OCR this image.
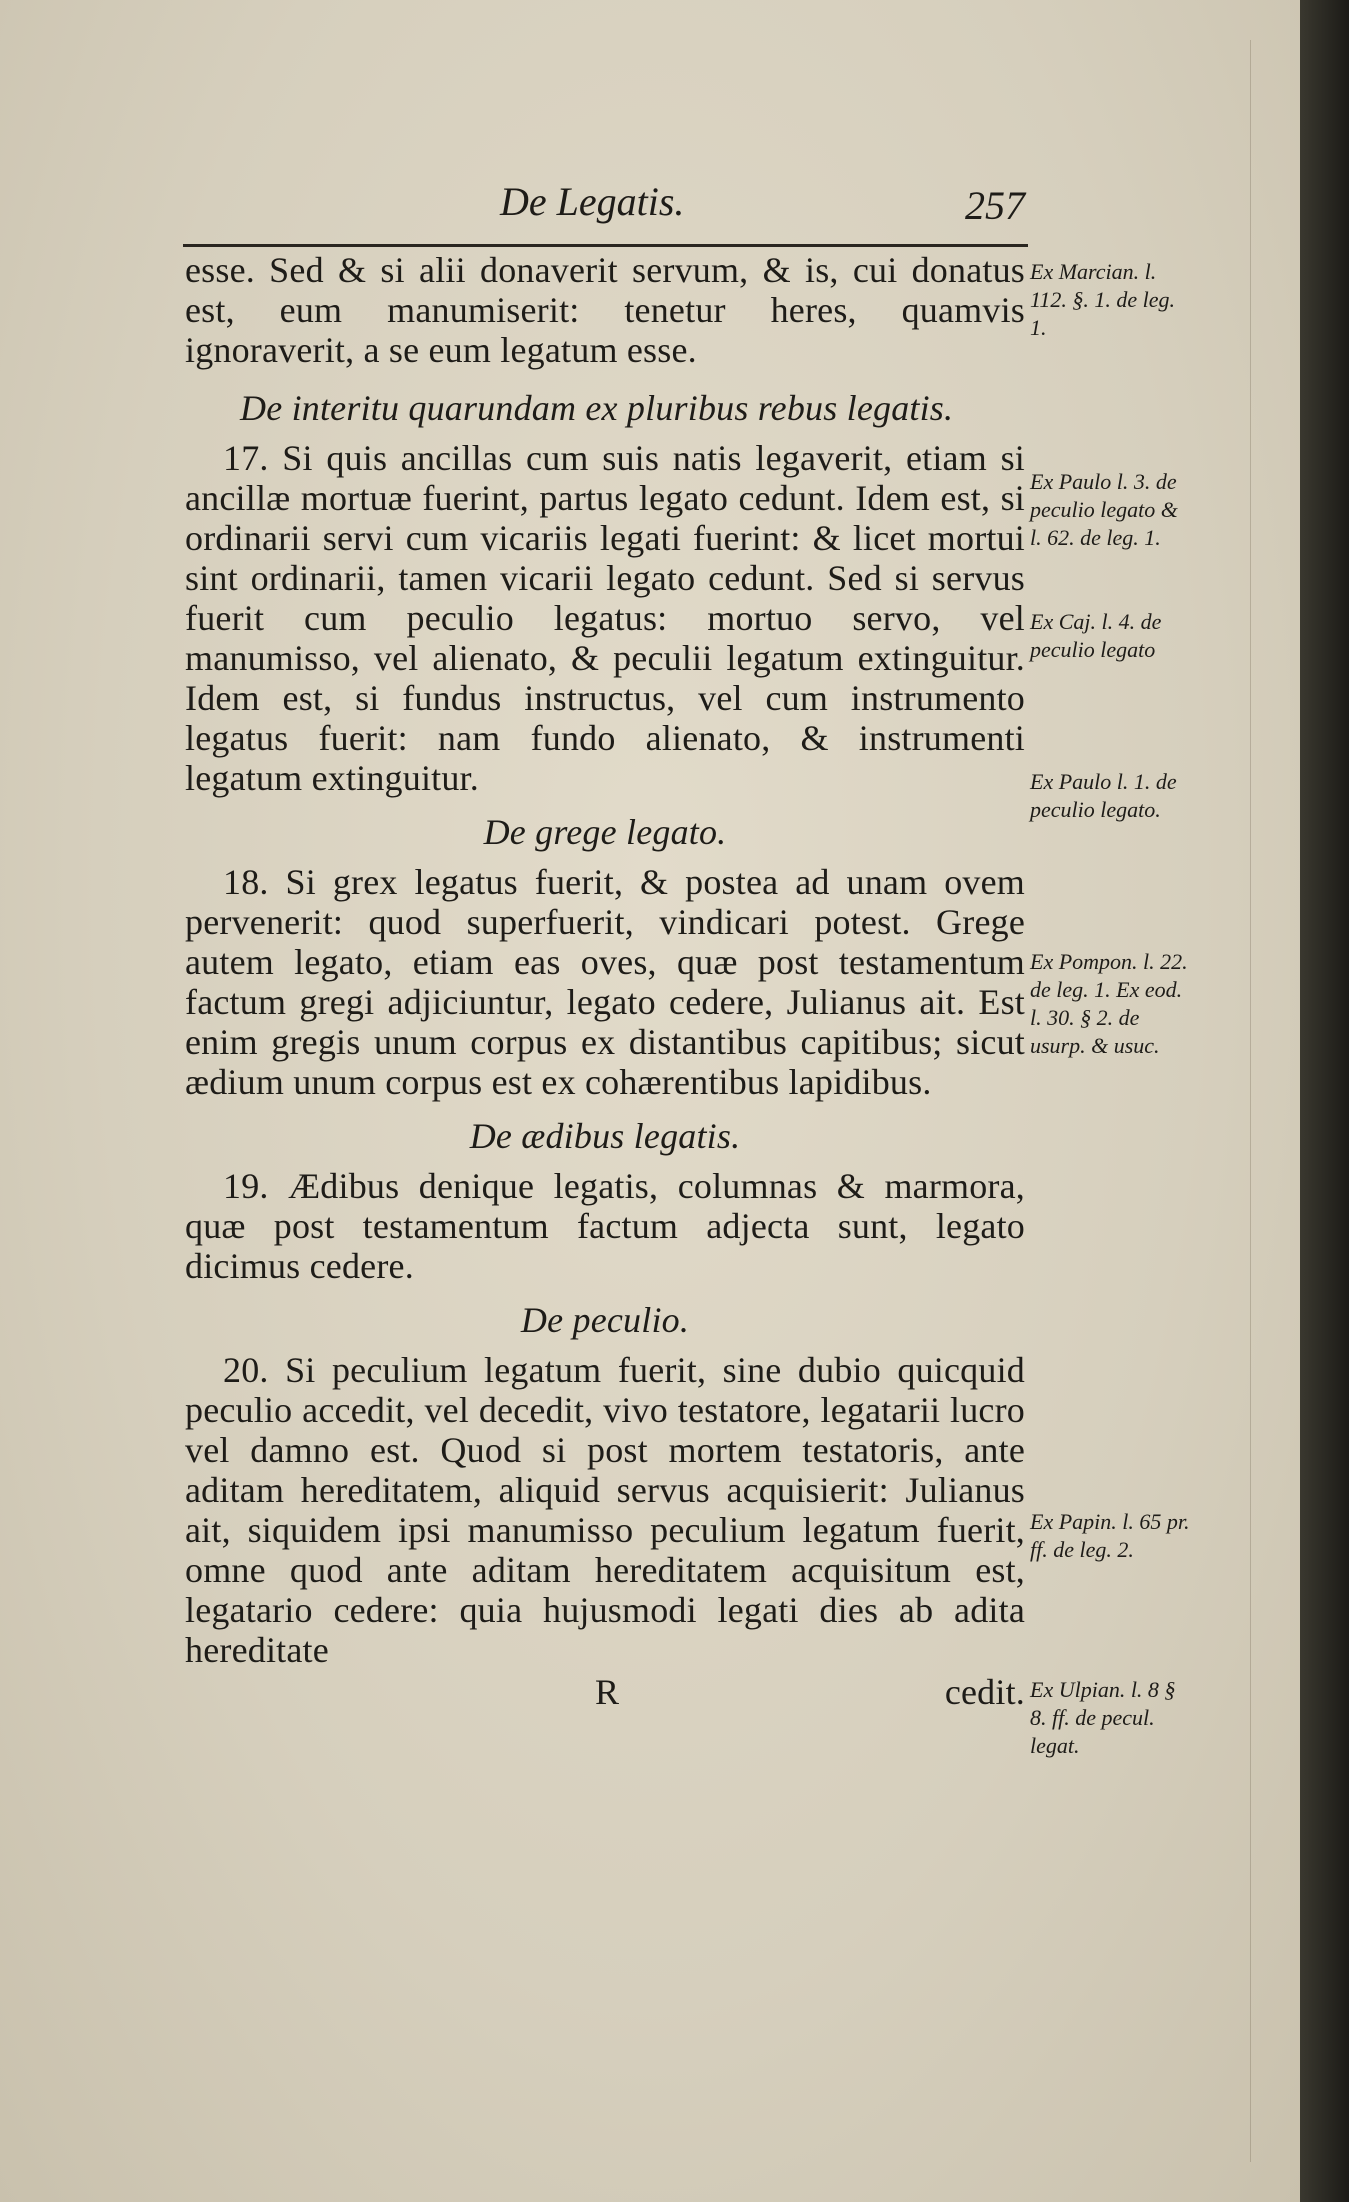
De Legatis.	257

esse. Sed & si alii donaverit servum, & is, cui donatus est, eum manumiserit: tenetur heres, quamvis ignoraverit, a se eum legatum esse.

De interitu quarundam ex pluribus rebus legatis.

17. Si quis ancillas cum suis natis legaverit, etiam si ancillæ mortuæ fuerint, partus legato cedunt. Idem est, si ordinarii servi cum vicariis legati fuerint: & licet mortui sint ordinarii, tamen vicarii legato cedunt. Sed si servus fuerit cum peculio legatus: mortuo servo, vel manumisso, vel alienato, & peculii legatum extinguitur. Idem est, si fundus instructus, vel cum instrumento legatus fuerit: nam fundo alienato, & instrumenti legatum extinguitur.

De grege legato.

18. Si grex legatus fuerit, & postea ad unam ovem pervenerit: quod superfuerit, vindicari potest. Grege autem legato, etiam eas oves, quæ post testamentum factum gregi adjiciuntur, legato cedere, Julianus ait. Est enim gregis unum corpus ex distantibus capitibus; sicut ædium unum corpus est ex cohærentibus lapidibus.

De ædibus legatis.

19. Ædibus denique legatis, columnas & marmora, quæ post testamentum factum adjecta sunt, legato dicimus cedere.

De peculio.

20. Si peculium legatum fuerit, sine dubio quicquid peculio accedit, vel decedit, vivo testatore, legatarii lucro vel damno est. Quod si post mortem testatoris, ante aditam hereditatem, aliquid servus acquisierit: Julianus ait, siquidem ipsi manumisso peculium legatum fuerit, omne quod ante aditam hereditatem acquisitum est, legatario cedere: quia hujusmodi legati dies ab adita hereditate

R	cedit.
Ex Marcian. l. 112. §. 1. de leg. 1.
Ex Paulo l. 3. de peculio legato & l. 62. de leg. 1.
Ex Caj. l. 4. de peculio legato
Ex Paulo l. 1. de peculio legato.
Ex Pompon. l. 22. de leg. 1. Ex eod. l. 30. § 2. de usurp. & usuc.
Ex Papin. l. 65 pr. ff. de leg. 2.
Ex Ulpian. l. 8 § 8. ff. de pecul. legat.
